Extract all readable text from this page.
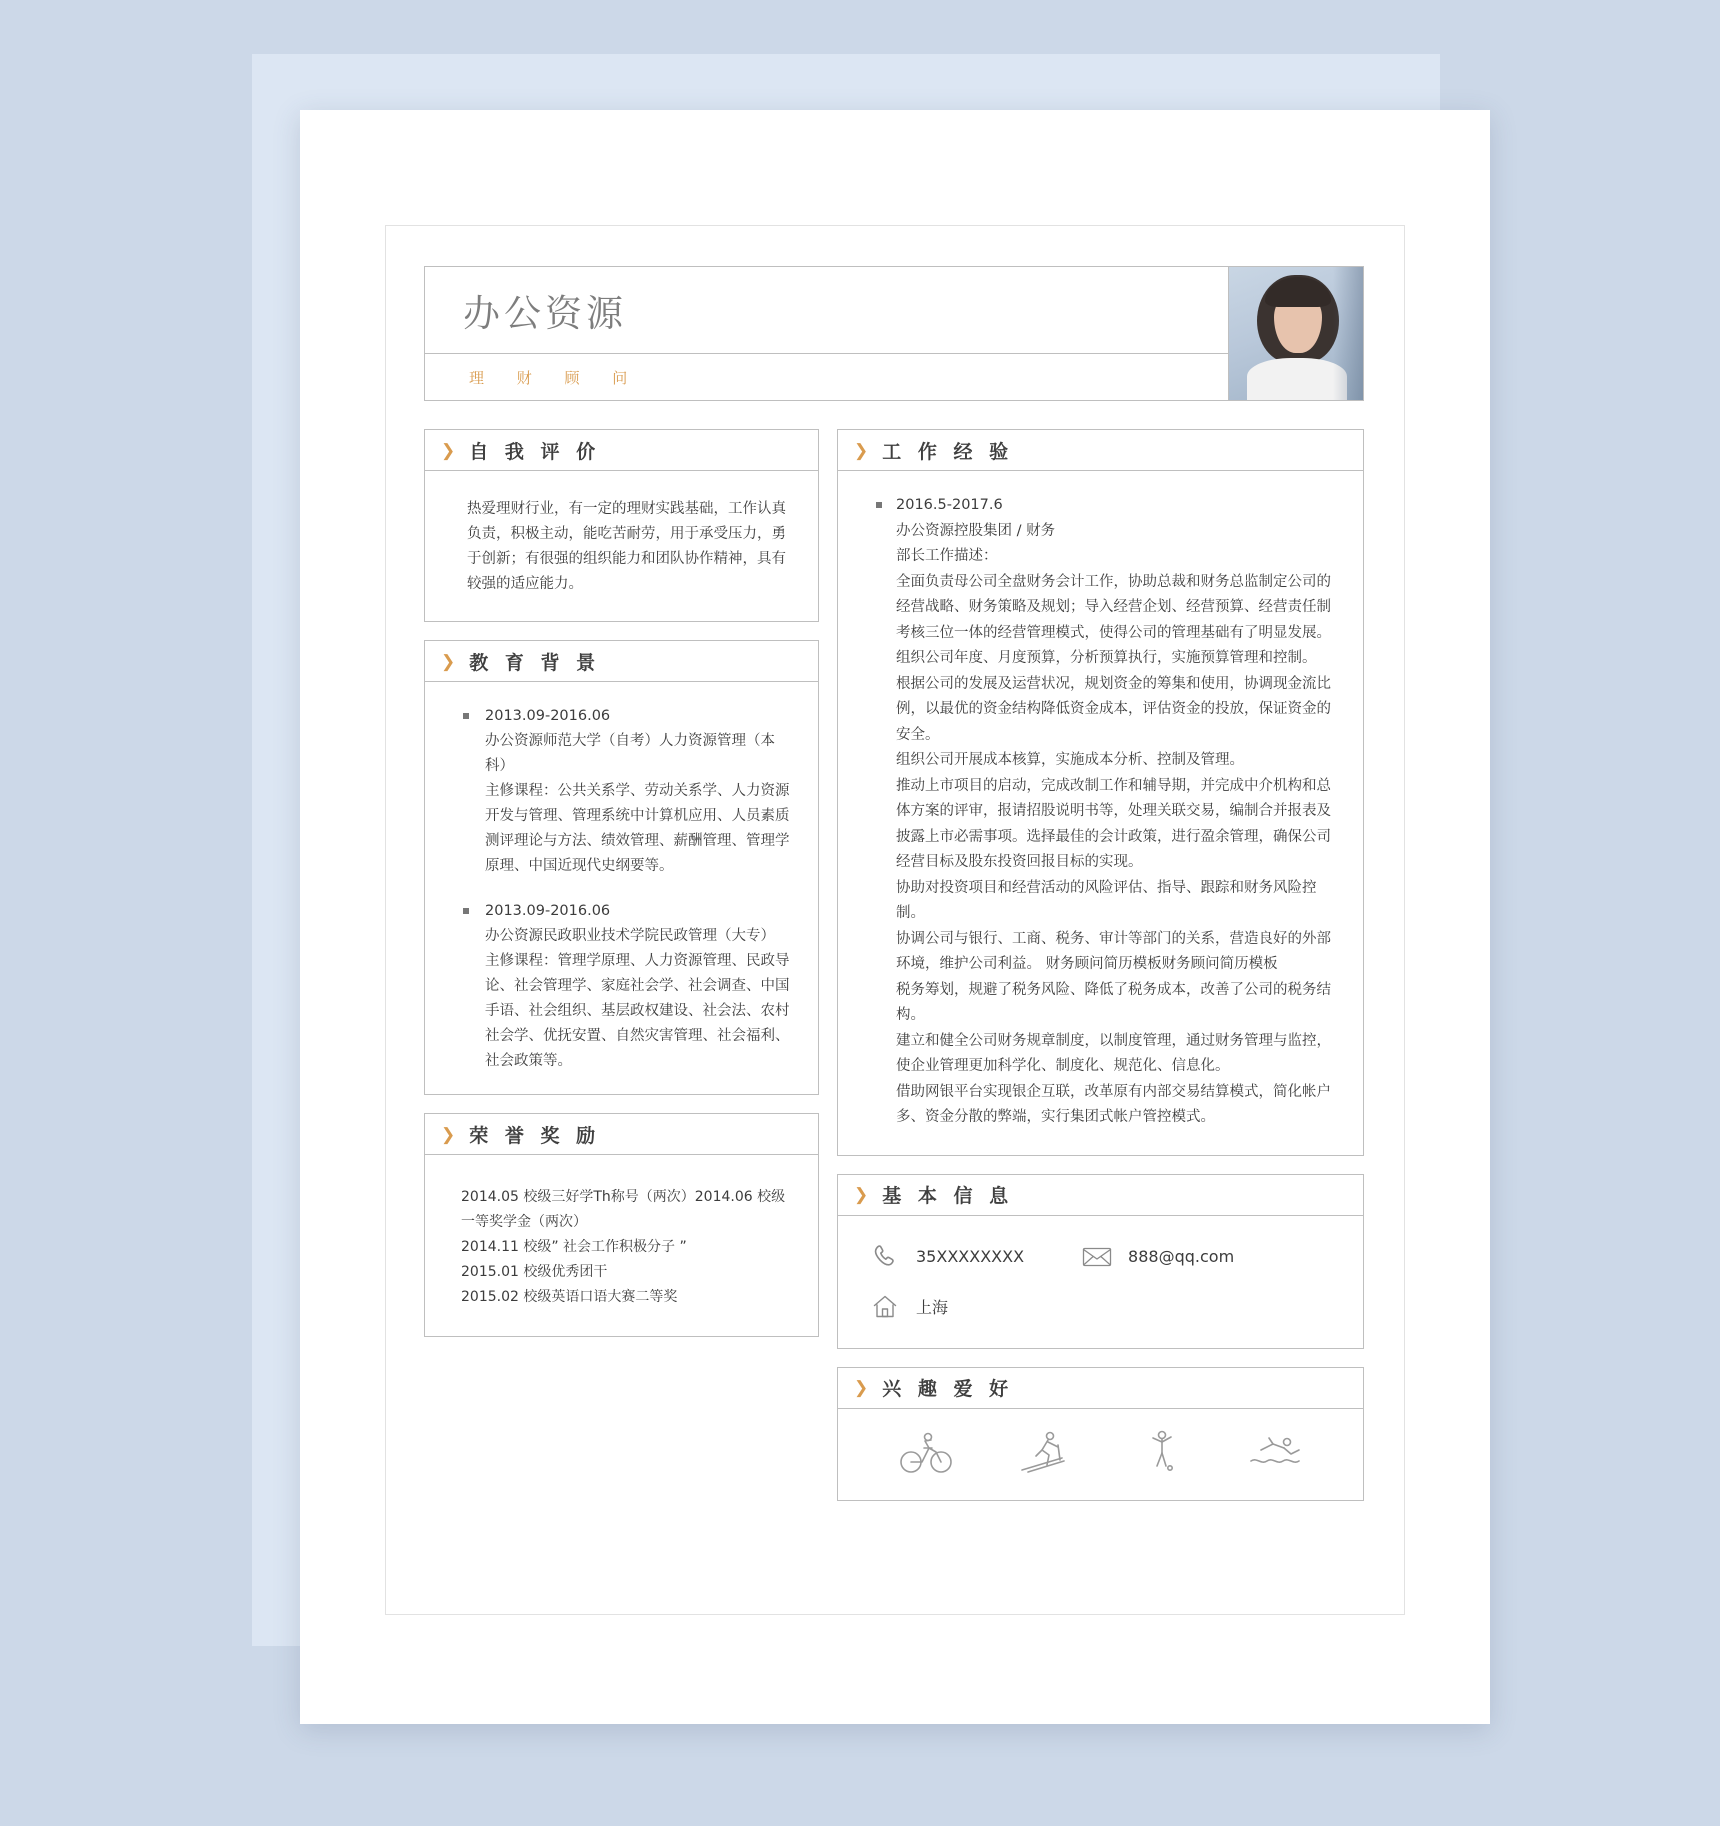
办公资源
理 财 顾 问
❯ 自 我 评 价

热爱理财行业，有一定的理财实践基础，工作认真负责，积极主动，能吃苦耐劳，用于承受压力，勇于创新；有很强的组织能力和团队协作精神，具有较强的适应能力。

❯ 教 育 背 景

2013.09-2016.06

办公资源师范大学（自考）人力资源管理（本科）

主修课程：公共关系学、劳动关系学、人力资源开发与管理、管理系统中计算机应用、人员素质测评理论与方法、绩效管理、薪酬管理、管理学原理、中国近现代史纲要等。

2013.09-2016.06

办公资源民政职业技术学院民政管理（大专）

主修课程：管理学原理、人力资源管理、民政导论、社会管理学、家庭社会学、社会调查、中国手语、社会组织、基层政权建设、社会法、农村社会学、优抚安置、自然灾害管理、社会福利、社会政策等。

❯ 荣 誉 奖 励

2014.05 校级三好学Th称号（两次）2014.06 校级一等奖学金（两次）

2014.11 校级” 社会工作积极分子 ”

2015.01 校级优秀团干

2015.02 校级英语口语大赛二等奖

❯ 工 作 经 验

2016.5-2017.6

办公资源控股集团 / 财务

部长工作描述：

全面负责母公司全盘财务会计工作，协助总裁和财务总监制定公司的经营战略、财务策略及规划；导入经营企划、经营预算、经营责任制考核三位一体的经营管理模式，使得公司的管理基础有了明显发展。

组织公司年度、月度预算，分析预算执行，实施预算管理和控制。

根据公司的发展及运营状况，规划资金的筹集和使用，协调现金流比例，以最优的资金结构降低资金成本，评估资金的投放，保证资金的安全。

组织公司开展成本核算，实施成本分析、控制及管理。

推动上市项目的启动，完成改制工作和辅导期，并完成中介机构和总体方案的评审，报请招股说明书等，处理关联交易，编制合并报表及披露上市必需事项。选择最佳的会计政策，进行盈余管理，确保公司经营目标及股东投资回报目标的实现。

协助对投资项目和经营活动的风险评估、指导、跟踪和财务风险控制。

协调公司与银行、工商、税务、审计等部门的关系，营造良好的外部环境，维护公司利益。 财务顾问简历模板财务顾问简历模板

税务筹划，规避了税务风险、降低了税务成本，改善了公司的税务结构。

建立和健全公司财务规章制度，以制度管理，通过财务管理与监控，使企业管理更加科学化、制度化、规范化、信息化。

借助网银平台实现银企互联，改革原有内部交易结算模式，简化帐户多、资金分散的弊端，实行集团式帐户管控模式。

❯ 基 本 信 息
35XXXXXXXX	888@qq.com
上海
❯ 兴 趣 爱 好
